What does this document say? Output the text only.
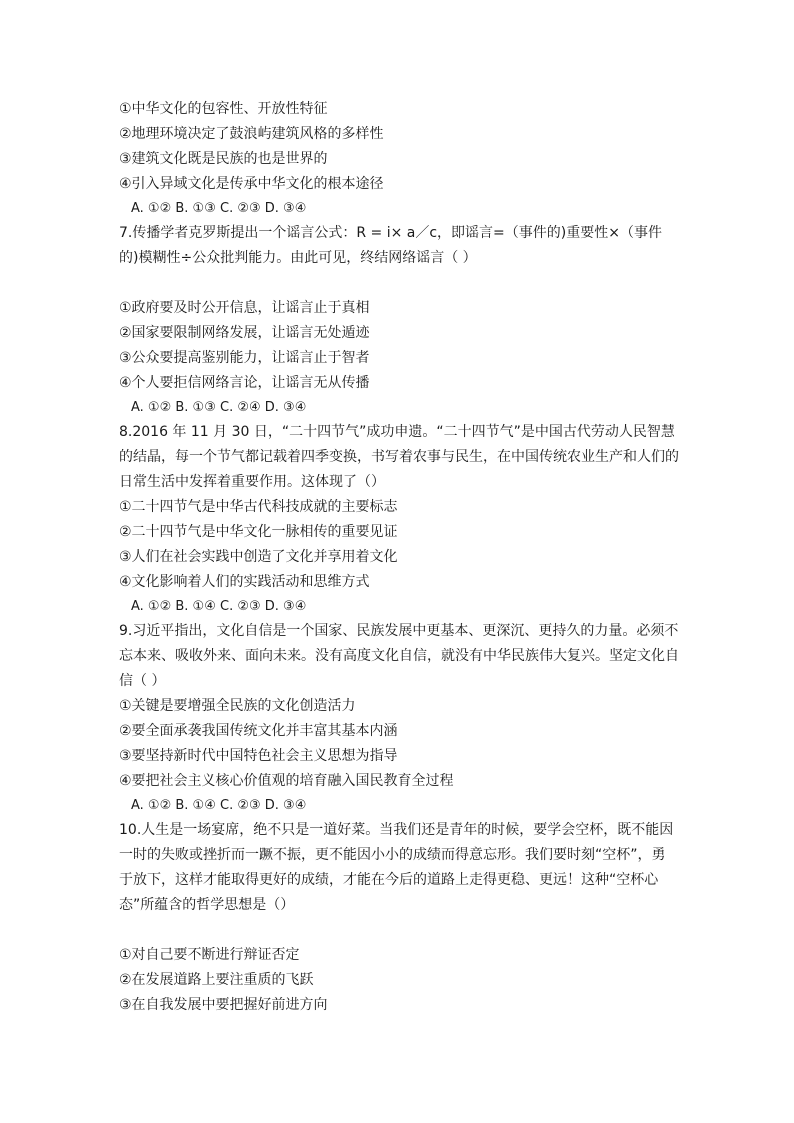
①中华文化的包容性、开放性特征
②地理环境决定了鼓浪屿建筑风格的多样性
③建筑文化既是民族的也是世界的
④引入异域文化是传承中华文化的根本途径
A. ①② B. ①③ C. ②③ D. ③④
7.传播学者克罗斯提出一个谣言公式：R = i× a／c，即谣言=（事件的)重要性×（事件的)模糊性÷公众批判能力。由此可见，终结网络谣言（ ）
①政府要及时公开信息，让谣言止于真相
②国家要限制网络发展，让谣言无处遁迹
③公众要提高鉴别能力，让谣言止于智者
④个人要拒信网络言论，让谣言无从传播
A. ①② B. ①③ C. ②④ D. ③④
8.2016 年 11 月 30 日，“二十四节气”成功申遗。“二十四节气”是中国古代劳动人民智慧的结晶，每一个节气都记载着四季变换，书写着农事与民生，在中国传统农业生产和人们的日常生活中发挥着重要作用。这体现了（）
①二十四节气是中华古代科技成就的主要标志
②二十四节气是中华文化一脉相传的重要见证
③人们在社会实践中创造了文化并享用着文化
④文化影响着人们的实践活动和思维方式
A. ①② B. ①④ C. ②③ D. ③④
9.习近平指出，文化自信是一个国家、民族发展中更基本、更深沉、更持久的力量。必须不忘本来、吸收外来、面向未来。没有高度文化自信，就没有中华民族伟大复兴。坚定文化自信（ ）
①关键是要增强全民族的文化创造活力
②要全面承袭我国传统文化并丰富其基本内涵
③要坚持新时代中国特色社会主义思想为指导
④要把社会主义核心价值观的培育融入国民教育全过程
A. ①② B. ①④ C. ②③ D. ③④
10.人生是一场宴席，绝不只是一道好菜。当我们还是青年的时候，要学会空杯，既不能因一时的失败或挫折而一蹶不振，更不能因小小的成绩而得意忘形。我们要时刻“空杯”，勇于放下，这样才能取得更好的成绩，才能在今后的道路上走得更稳、更远！这种“空杯心态”所蕴含的哲学思想是（）
①对自己要不断进行辩证否定
②在发展道路上要注重质的飞跃
③在自我发展中要把握好前进方向
